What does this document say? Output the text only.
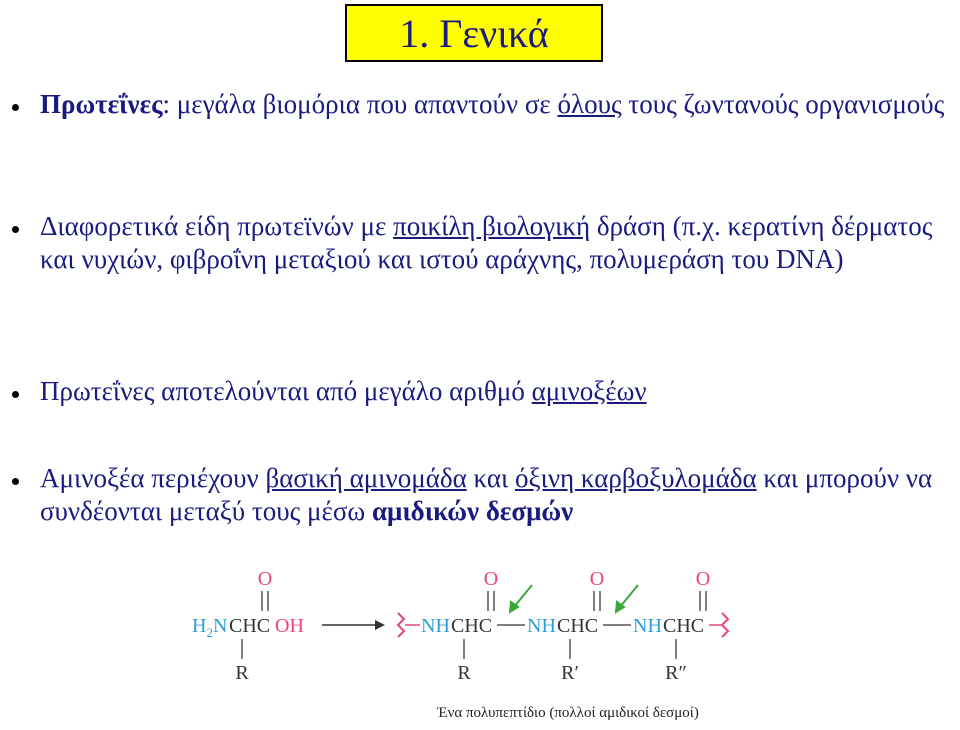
1. Γενικά
Πρωτεΐνες: μεγάλα βιομόρια που απαντούν σε όλους τους ζωντανούς οργανισμούς
Διαφορετικά είδη πρωτεϊνών με ποικίλη βιολογική δράση (π.χ. κερατίνη δέρματος και νυχιών, φιβροΐνη μεταξιού και ιστού αράχνης, πολυμεράση του DNA)
Πρωτεΐνες αποτελούνται από μεγάλο αριθμό αμινοξέων
Αμινοξέα περιέχουν βασική αμινομάδα και όξινη καρβοξυλομάδα και μπορούν να συνδέονται μεταξύ τους μέσω αμιδικών δεσμών
O
$H_2N$ CHC OH
R
NH CHC
O
R
NH CHC
O
R′
NH CHC
O
R″
Ένα πολυπεπτίδιο (πολλοί αμιδικοί δεσμοί)
